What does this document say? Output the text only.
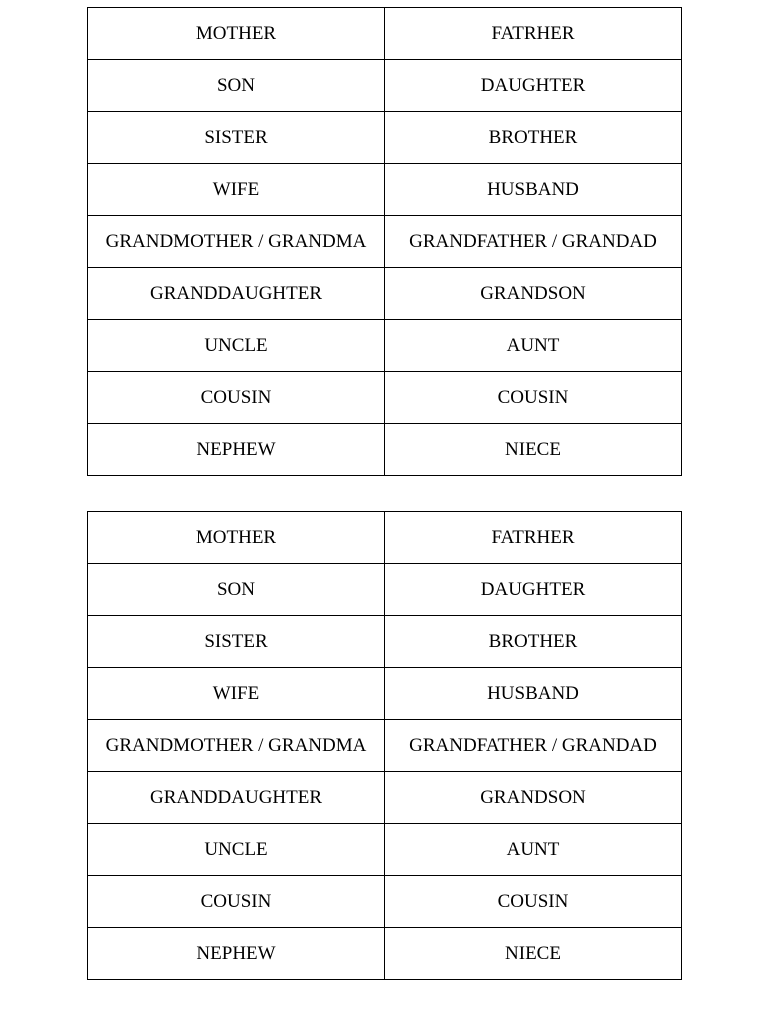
MOTHER	FATRHER
SON	DAUGHTER
SISTER	BROTHER
WIFE	HUSBAND
GRANDMOTHER / GRANDMA	GRANDFATHER / GRANDAD
GRANDDAUGHTER	GRANDSON
UNCLE	AUNT
COUSIN	COUSIN
NEPHEW	NIECE
MOTHER	FATRHER
SON	DAUGHTER
SISTER	BROTHER
WIFE	HUSBAND
GRANDMOTHER / GRANDMA	GRANDFATHER / GRANDAD
GRANDDAUGHTER	GRANDSON
UNCLE	AUNT
COUSIN	COUSIN
NEPHEW	NIECE
